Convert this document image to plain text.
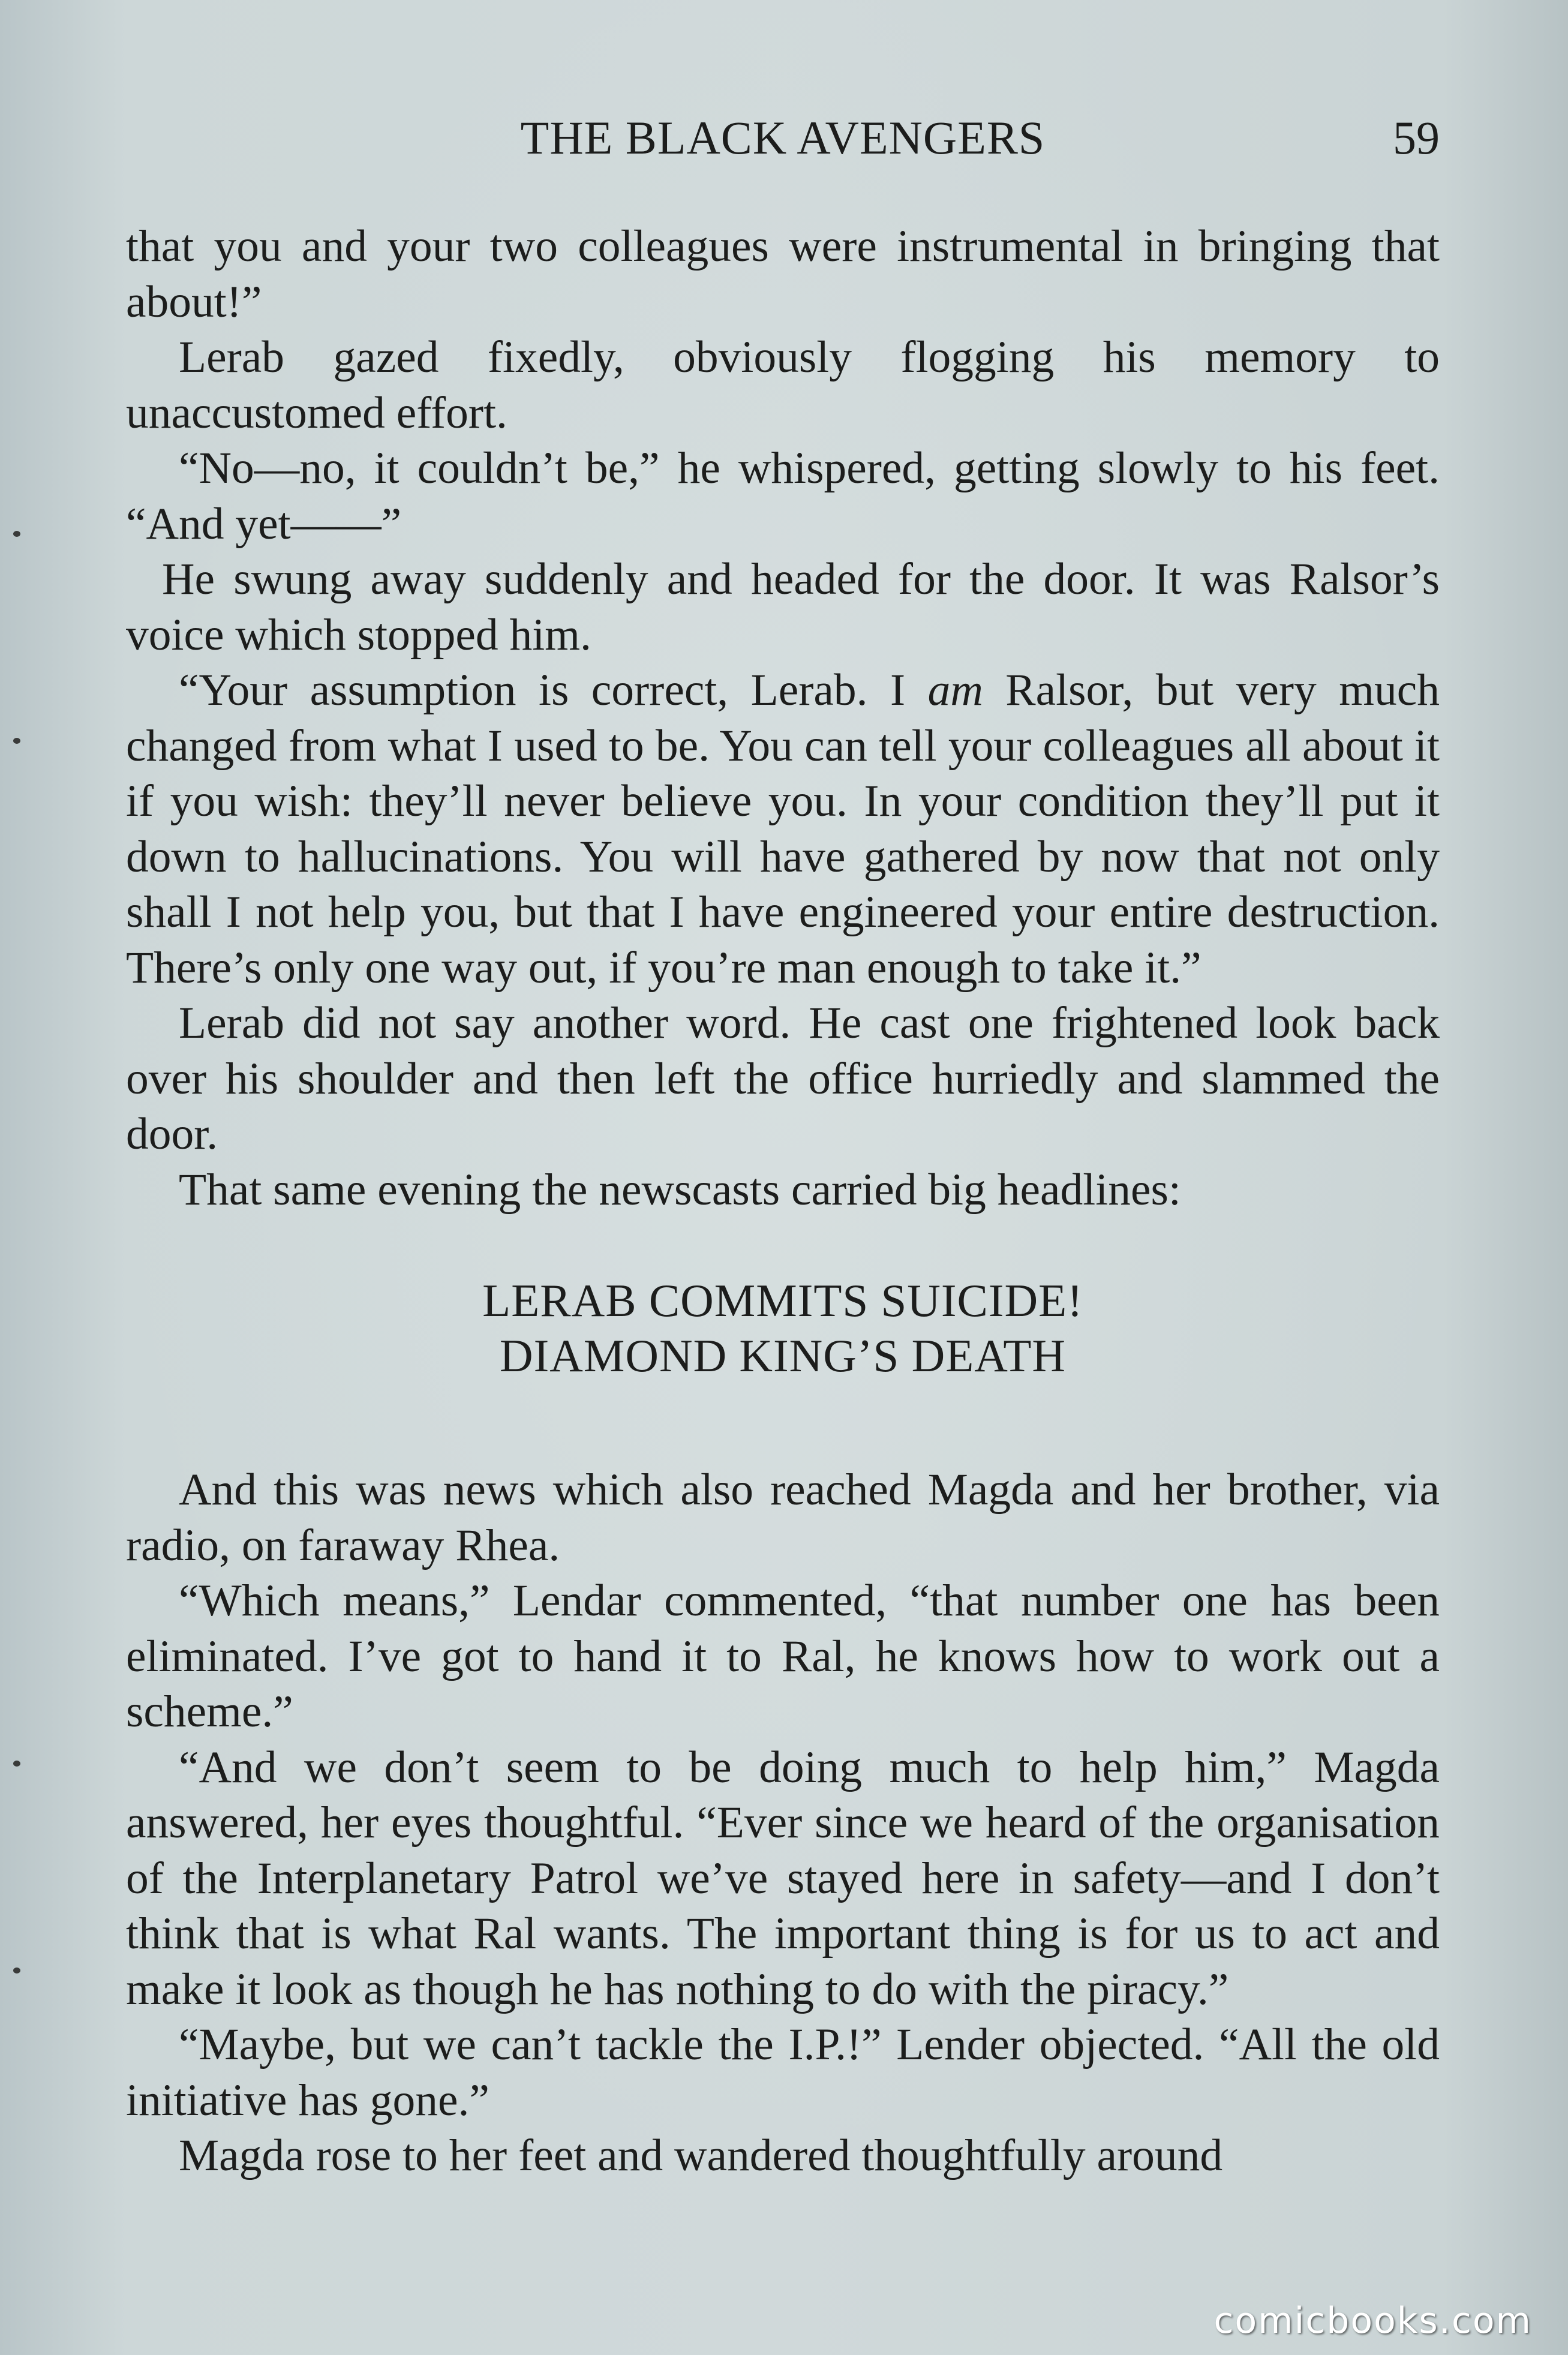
THE BLACK AVENGERS	59

that you and your two colleagues were instrumental in bringing that about!”

Lerab gazed fixedly, obviously flogging his memory to unaccustomed effort.

“No—no, it couldn’t be,” he whispered, getting slowly to his feet. “And yet——”

He swung away suddenly and headed for the door. It was Ralsor’s voice which stopped him.

“Your assumption is correct, Lerab. I am Ralsor, but very much changed from what I used to be. You can tell your colleagues all about it if you wish: they’ll never believe you. In your condition they’ll put it down to hallucinations. You will have gathered by now that not only shall I not help you, but that I have engineered your entire destruction. There’s only one way out, if you’re man enough to take it.”

Lerab did not say another word. He cast one frightened look back over his shoulder and then left the office hurriedly and slammed the door.

That same evening the newscasts carried big headlines:

LERAB COMMITS SUICIDE!
DIAMOND KING’S DEATH

And this was news which also reached Magda and her brother, via radio, on faraway Rhea.

“Which means,” Lendar commented, “that number one has been eliminated. I’ve got to hand it to Ral, he knows how to work out a scheme.”

“And we don’t seem to be doing much to help him,” Magda answered, her eyes thoughtful. “Ever since we heard of the organisation of the Interplanetary Patrol we’ve stayed here in safety—and I don’t think that is what Ral wants. The important thing is for us to act and make it look as though he has nothing to do with the piracy.”

“Maybe, but we can’t tackle the I.P.!” Lender objected. “All the old initiative has gone.”

Magda rose to her feet and wandered thoughtfully around

comicbooks.com
